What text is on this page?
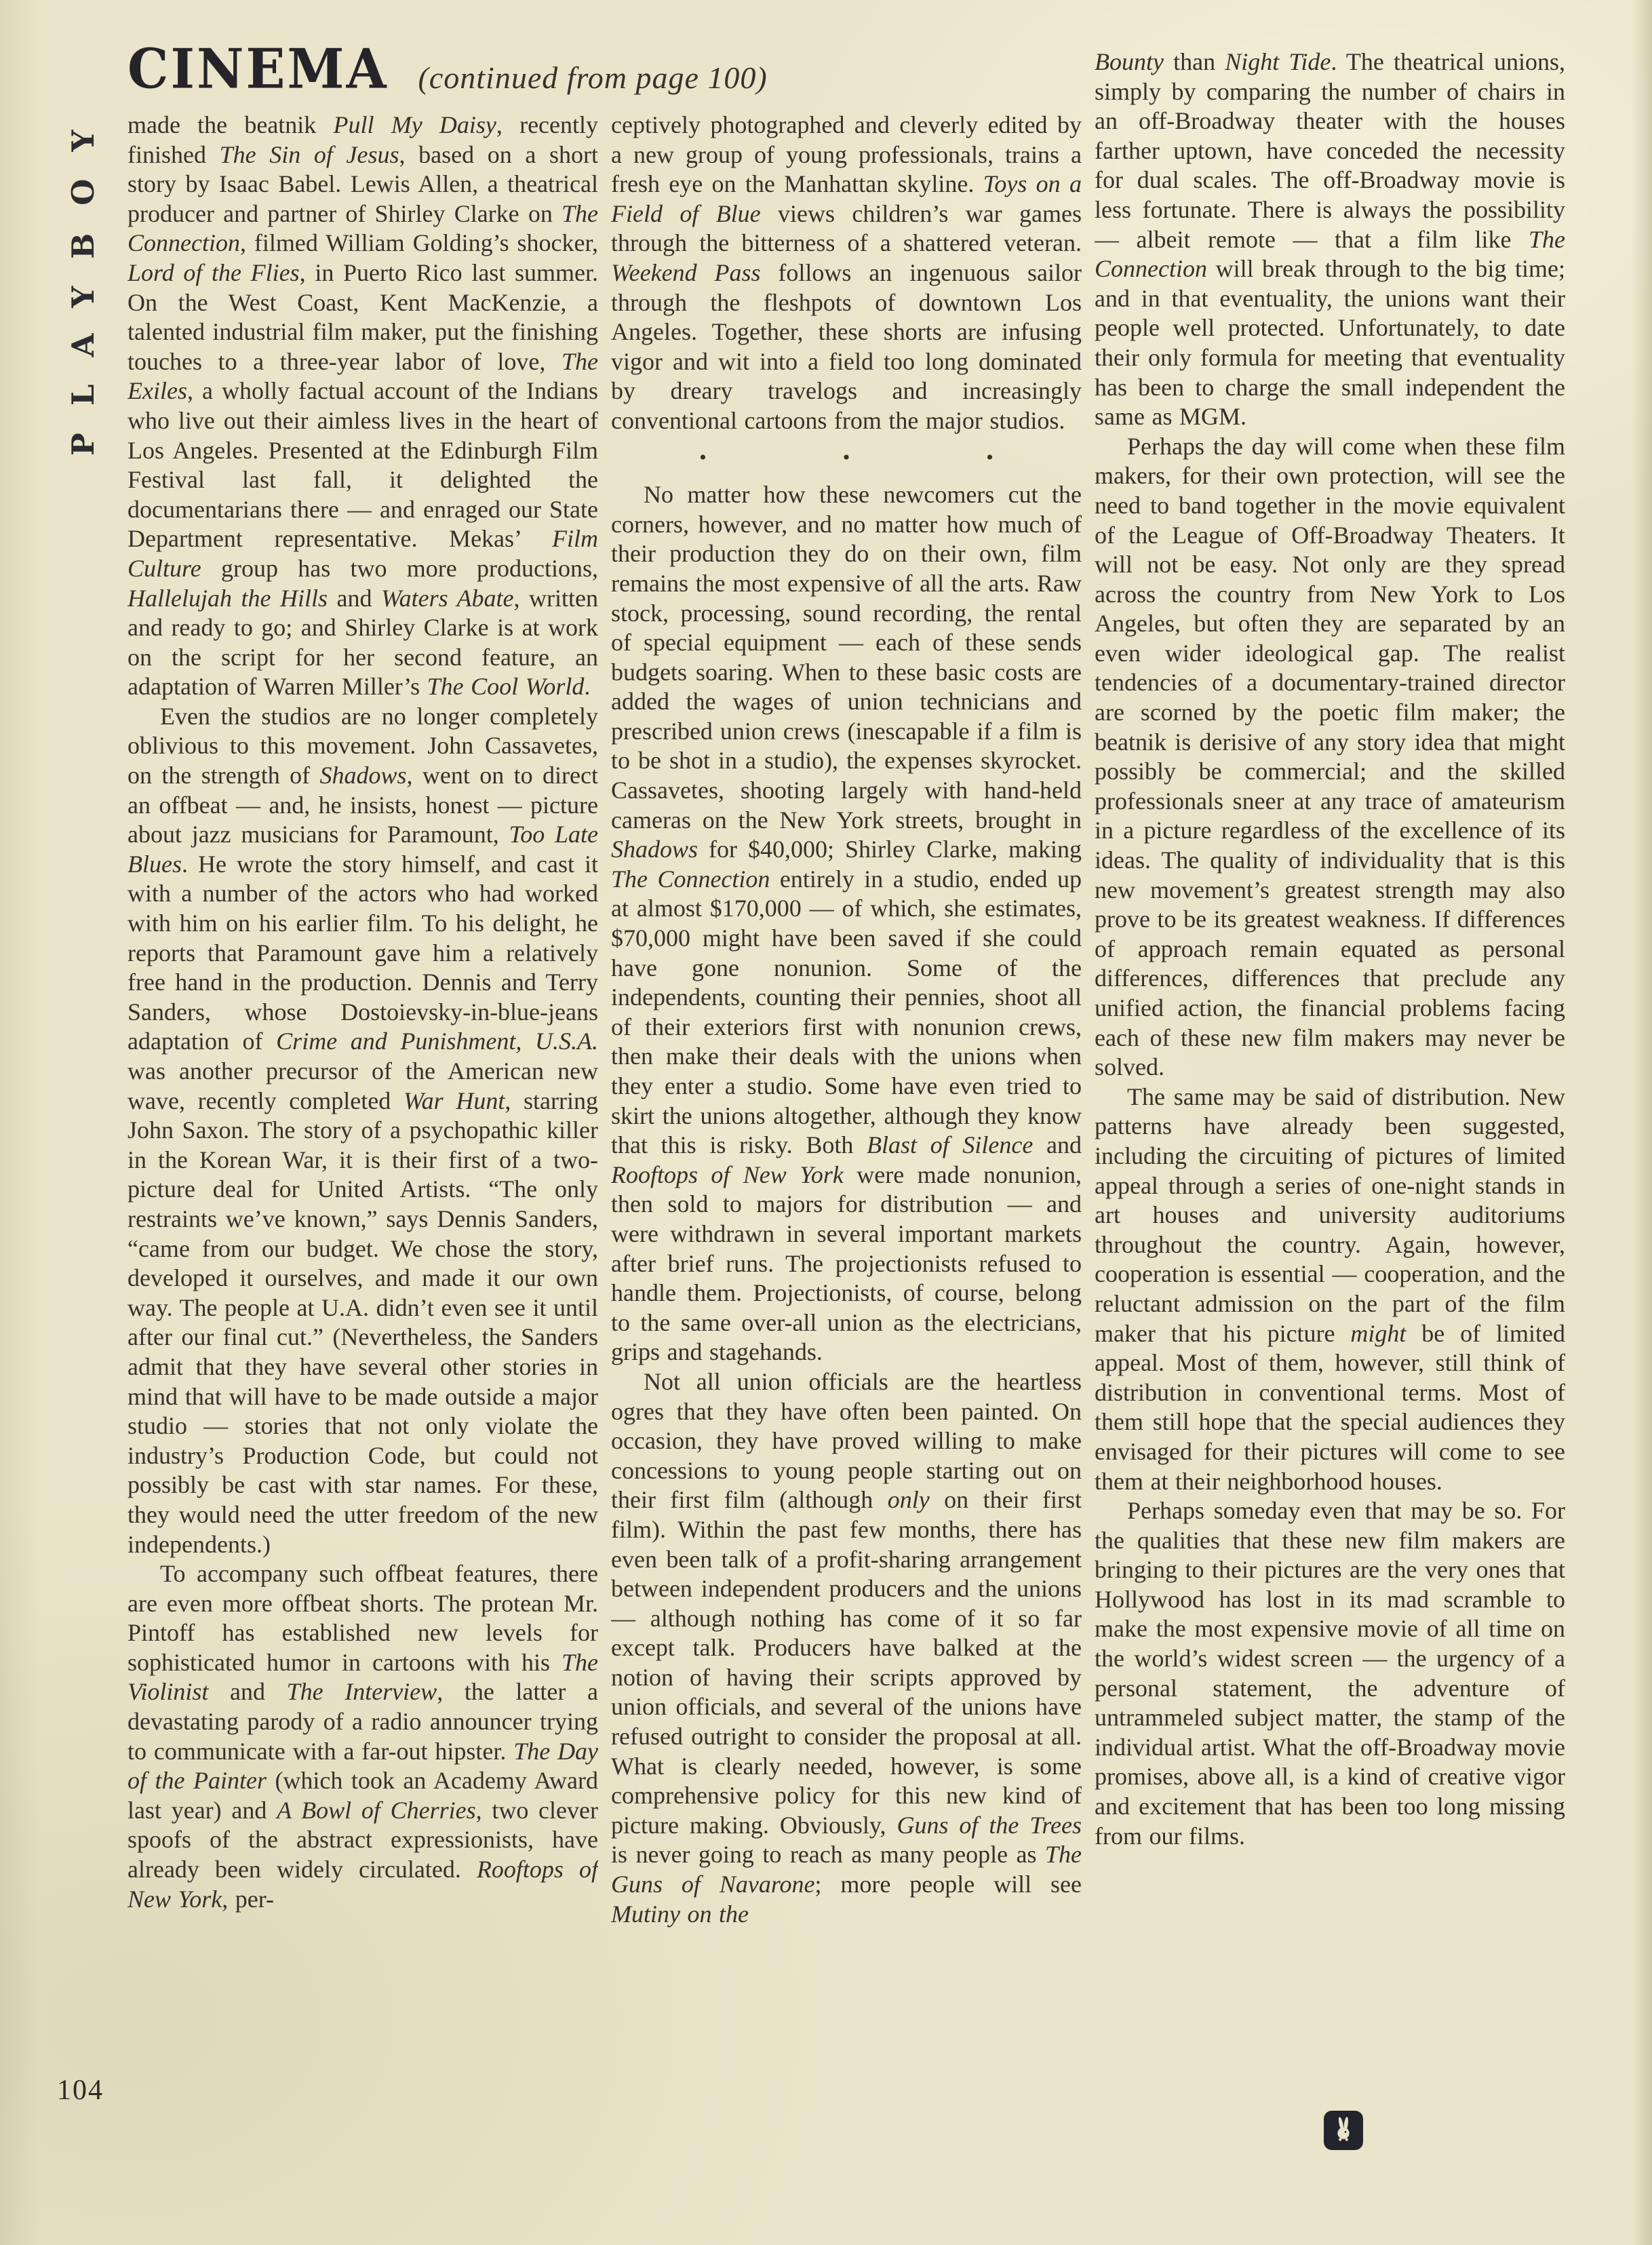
PLAYBOY
CINEMA (continued from page 100)

made the beatnik Pull My Daisy, recently finished The Sin of Jesus, based on a short story by Isaac Babel. Lewis Allen, a theatrical producer and partner of Shirley Clarke on The Connection, filmed William Golding’s shocker, Lord of the Flies, in Puerto Rico last summer. On the West Coast, Kent MacKenzie, a talented industrial film maker, put the finishing touches to a three-year labor of love, The Exiles, a wholly factual account of the Indians who live out their aimless lives in the heart of Los Angeles. Presented at the Edinburgh Film Festival last fall, it delighted the documentarians there — and enraged our State Department representative. Mekas’ Film Culture group has two more productions, Hallelujah the Hills and Waters Abate, written and ready to go; and Shirley Clarke is at work on the script for her second feature, an adaptation of Warren Miller’s The Cool World.

Even the studios are no longer completely oblivious to this movement. John Cassavetes, on the strength of Shadows, went on to direct an offbeat — and, he insists, honest — picture about jazz musicians for Paramount, Too Late Blues. He wrote the story himself, and cast it with a number of the actors who had worked with him on his earlier film. To his delight, he reports that Paramount gave him a relatively free hand in the production. Dennis and Terry Sanders, whose Dostoievsky-in-blue-jeans adaptation of Crime and Punishment, U.S.A. was another precursor of the American new wave, recently completed War Hunt, starring John Saxon. The story of a psychopathic killer in the Korean War, it is their first of a two-picture deal for United Artists. “The only restraints we’ve known,” says Dennis Sanders, “came from our budget. We chose the story, developed it ourselves, and made it our own way. The people at U.A. didn’t even see it until after our final cut.” (Nevertheless, the Sanders admit that they have several other stories in mind that will have to be made outside a major studio — stories that not only violate the industry’s Production Code, but could not possibly be cast with star names. For these, they would need the utter freedom of the new independents.)

To accompany such offbeat features, there are even more offbeat shorts. The protean Mr. Pintoff has established new levels for sophisticated humor in cartoons with his The Violinist and The Interview, the latter a devastating parody of a radio announcer trying to communicate with a far-out hipster. The Day of the Painter (which took an Academy Award last year) and A Bowl of Cherries, two clever spoofs of the abstract expressionists, have already been widely circulated. Rooftops of New York, per-

ceptively photographed and cleverly edited by a new group of young professionals, trains a fresh eye on the Manhattan skyline. Toys on a Field of Blue views children’s war games through the bitterness of a shattered veteran. Weekend Pass follows an ingenuous sailor through the fleshpots of downtown Los Angeles. Together, these shorts are infusing vigor and wit into a field too long dominated by dreary travelogs and increasingly conventional cartoons from the major studios.

• • •

No matter how these newcomers cut the corners, however, and no matter how much of their production they do on their own, film remains the most expensive of all the arts. Raw stock, processing, sound recording, the rental of special equipment — each of these sends budgets soaring. When to these basic costs are added the wages of union technicians and prescribed union crews (inescapable if a film is to be shot in a studio), the expenses skyrocket. Cassavetes, shooting largely with hand-held cameras on the New York streets, brought in Shadows for $40,000; Shirley Clarke, making The Connection entirely in a studio, ended up at almost $170,000 — of which, she estimates, $70,000 might have been saved if she could have gone nonunion. Some of the independents, counting their pennies, shoot all of their exteriors first with nonunion crews, then make their deals with the unions when they enter a studio. Some have even tried to skirt the unions altogether, although they know that this is risky. Both Blast of Silence and Rooftops of New York were made nonunion, then sold to majors for distribution — and were withdrawn in several important markets after brief runs. The projectionists refused to handle them. Projectionists, of course, belong to the same over-all union as the electricians, grips and stagehands.

Not all union officials are the heartless ogres that they have often been painted. On occasion, they have proved willing to make concessions to young people starting out on their first film (although only on their first film). Within the past few months, there has even been talk of a profit-sharing arrangement between independent producers and the unions — although nothing has come of it so far except talk. Producers have balked at the notion of having their scripts approved by union officials, and several of the unions have refused outright to consider the proposal at all. What is clearly needed, however, is some comprehensive policy for this new kind of picture making. Obviously, Guns of the Trees is never going to reach as many people as The Guns of Navarone; more people will see Mutiny on the

Bounty than Night Tide. The theatrical unions, simply by comparing the number of chairs in an off-Broadway theater with the houses farther uptown, have conceded the necessity for dual scales. The off-Broadway movie is less fortunate. There is always the possibility — albeit remote — that a film like The Connection will break through to the big time; and in that eventuality, the unions want their people well protected. Unfortunately, to date their only formula for meeting that eventuality has been to charge the small independent the same as MGM.

Perhaps the day will come when these film makers, for their own protection, will see the need to band together in the movie equivalent of the League of Off-Broadway Theaters. It will not be easy. Not only are they spread across the country from New York to Los Angeles, but often they are separated by an even wider ideological gap. The realist tendencies of a documentary-trained director are scorned by the poetic film maker; the beatnik is derisive of any story idea that might possibly be commercial; and the skilled professionals sneer at any trace of amateurism in a picture regardless of the excellence of its ideas. The quality of individuality that is this new movement’s greatest strength may also prove to be its greatest weakness. If differences of approach remain equated as personal differences, differences that preclude any unified action, the financial problems facing each of these new film makers may never be solved.

The same may be said of distribution. New patterns have already been suggested, including the circuiting of pictures of limited appeal through a series of one-night stands in art houses and university auditoriums throughout the country. Again, however, cooperation is essential — cooperation, and the reluctant admission on the part of the film maker that his picture might be of limited appeal. Most of them, however, still think of distribution in conventional terms. Most of them still hope that the special audiences they envisaged for their pictures will come to see them at their neighborhood houses.

Perhaps someday even that may be so. For the qualities that these new film makers are bringing to their pictures are the very ones that Hollywood has lost in its mad scramble to make the most expensive movie of all time on the world’s widest screen — the urgency of a personal statement, the adventure of untrammeled subject matter, the stamp of the individual artist. What the off-Broadway movie promises, above all, is a kind of creative vigor and excitement that has been too long missing from our films.

104
